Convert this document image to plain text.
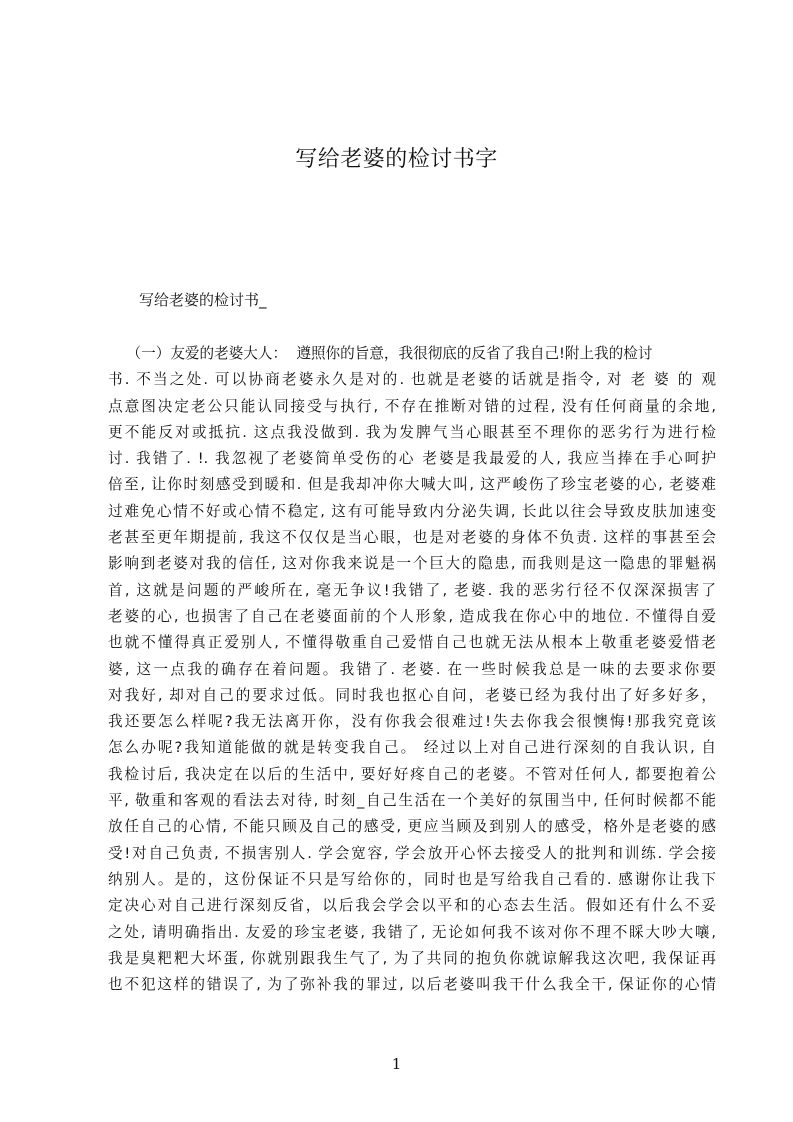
写给老婆的检讨书字

写给老婆的检讨书_

（一）友爱的老婆大人：  遵照你的旨意，我很彻底的反省了我自己!附上我的检讨
书. 不当之处. 可以协商老婆永久是对的. 也就是老婆的话就是指令, 对 老 婆 的 观
点意图决定老公只能认同接受与执行, 不存在推断对错的过程, 没有任何商量的余地,
更不能反对或抵抗. 这点我没做到. 我为发脾气当心眼甚至不理你的恶劣行为进行检
讨. 我错了. !. 我忽视了老婆简单受伤的心 老婆是我最爱的人, 我应当捧在手心呵护
倍至, 让你时刻感受到暖和. 但是我却冲你大喊大叫, 这严峻伤了珍宝老婆的心, 老婆难
过难免心情不好或心情不稳定, 这有可能导致内分泌失调, 长此以往会导致皮肤加速变
老甚至更年期提前, 我这不仅仅是当心眼，也是对老婆的身体不负责. 这样的事甚至会
影响到老婆对我的信任, 这对你我来说是一个巨大的隐患, 而我则是这一隐患的罪魁祸
首, 这就是问题的严峻所在, 毫无争议!我错了, 老婆. 我的恶劣行径不仅深深损害了
老婆的心, 也损害了自己在老婆面前的个人形象, 造成我在你心中的地位. 不懂得自爱
也就不懂得真正爱别人, 不懂得敬重自己爱惜自己也就无法从根本上敬重老婆爱惜老
婆, 这一点我的确存在着问题。我错了. 老婆. 在一些时候我总是一味的去要求你要
对我好, 却对自己的要求过低。同时我也抠心自问，老婆已经为我付出了好多好多，
我还要怎么样呢?我无法离开你，没有你我会很难过!失去你我会很懊悔!那我究竟该
怎么办呢?我知道能做的就是转变我自己。 经过以上对自己进行深刻的自我认识, 自
我检讨后, 我决定在以后的生活中, 要好好疼自己的老婆。不管对任何人, 都要抱着公
平, 敬重和客观的看法去对待, 时刻_自己生活在一个美好的氛围当中, 任何时候都不能
放任自己的心情, 不能只顾及自己的感受, 更应当顾及到别人的感受，格外是老婆的感
受!对自己负责, 不损害别人. 学会宽容, 学会放开心怀去接受人的批判和训练. 学会接
纳别人。是的，这份保证不只是写给你的，同时也是写给我自己看的. 感谢你让我下
定决心对自己进行深刻反省，以后我会学会以平和的心态去生活。假如还有什么不妥
之处, 请明确指出. 友爱的珍宝老婆, 我错了, 无论如何我不该对你不理不睬大吵大嚷,
我是臭粑粑大坏蛋, 你就别跟我生气了, 为了共同的抱负你就谅解我这次吧, 我保证再
也不犯这样的错误了, 为了弥补我的罪过, 以后老婆叫我干什么我全干, 保证你的心情
1
